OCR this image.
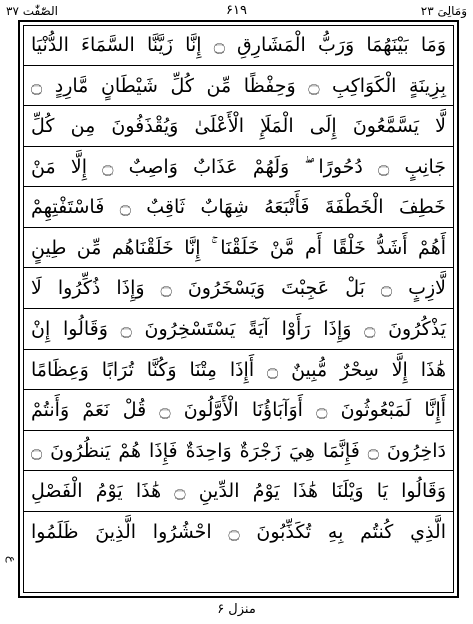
الصّٰفّٰت ۳۷	۶۱۹	وَمَالِیَ ۲۳
وَمَا بَيْنَهُمَا وَرَبُّ الْمَشَارِقِ ۝ إِنَّا زَيَّنَّا السَّمَاءَ الدُّنْيَا
بِزِينَةٍ الْكَوَاكِبِ ۝ وَحِفْظًا مِّن كُلِّ شَيْطَانٍ مَّارِدٍ ۝
لَّا يَسَّمَّعُونَ إِلَى الْمَلَإِ الْأَعْلَىٰ وَيُقْذَفُونَ مِن كُلِّ
جَانِبٍ ۝ دُحُورًا ۖ وَلَهُمْ عَذَابٌ وَاصِبٌ ۝ إِلَّا مَنْ
خَطِفَ الْخَطْفَةَ فَأَتْبَعَهُ شِهَابٌ ثَاقِبٌ ۝ فَاسْتَفْتِهِمْ
أَهُمْ أَشَدُّ خَلْقًا أَم مَّنْ خَلَقْنَا ۚ إِنَّا خَلَقْنَاهُم مِّن طِينٍ
لَّازِبٍ ۝ بَلْ عَجِبْتَ وَيَسْخَرُونَ ۝ وَإِذَا ذُكِّرُوا لَا
يَذْكُرُونَ ۝ وَإِذَا رَأَوْا آيَةً يَسْتَسْخِرُونَ ۝ وَقَالُوا إِنْ
هَٰذَا إِلَّا سِحْرٌ مُّبِينٌ ۝ أَإِذَا مِتْنَا وَكُنَّا تُرَابًا وَعِظَامًا
أَإِنَّا لَمَبْعُوثُونَ ۝ أَوَآبَاؤُنَا الْأَوَّلُونَ ۝ قُلْ نَعَمْ وَأَنتُمْ
دَاخِرُونَ ۝ فَإِنَّمَا هِيَ زَجْرَةٌ وَاحِدَةٌ فَإِذَا هُمْ يَنظُرُونَ ۝
وَقَالُوا يَا وَيْلَنَا هَٰذَا يَوْمُ الدِّينِ ۝ هَٰذَا يَوْمُ الْفَصْلِ
الَّذِي كُنتُم بِهِ تُكَذِّبُونَ ۝ احْشُرُوا الَّذِينَ ظَلَمُوا
ع
منزل ۶
